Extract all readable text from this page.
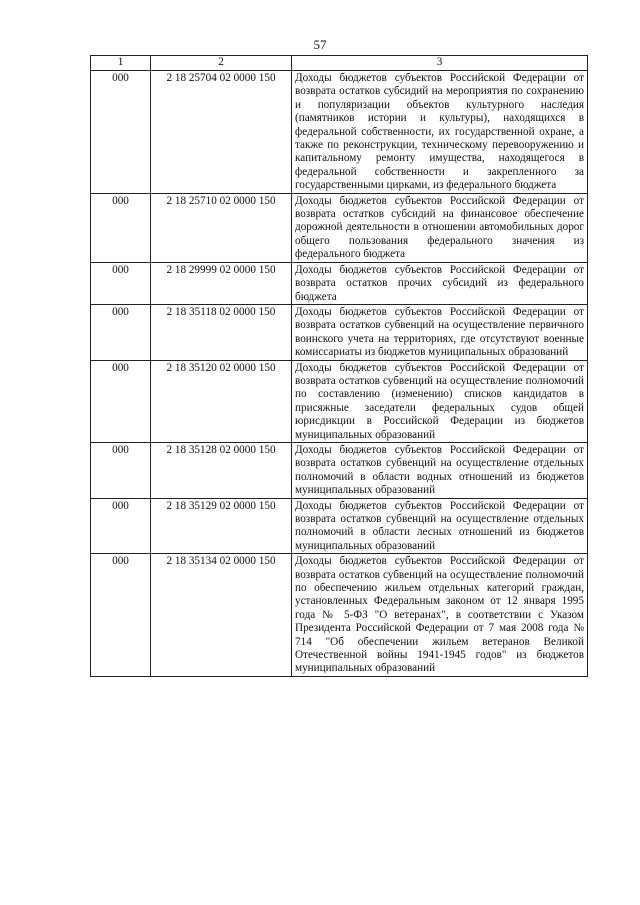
57
1	2	3
000	2 18 25704 02 0000 150	Доходы бюджетов субъектов Российской Федерации от возврата остатков субсидий на мероприятия по сохранению и популяризации объектов культурного наследия (памятников истории и культуры), находящихся в федеральной собственности, их государственной охране, а также по реконструкции, техническому перевооружению и капитальному ремонту имущества, находящегося в федеральной собственности и закрепленного за государственными цирками, из федерального бюджета
000	2 18 25710 02 0000 150	Доходы бюджетов субъектов Российской Федерации от возврата остатков субсидий на финансовое обеспечение дорожной деятельности в отношении автомобильных дорог общего пользования федерального значения из федерального бюджета
000	2 18 29999 02 0000 150	Доходы бюджетов субъектов Российской Федерации от возврата остатков прочих субсидий из федерального бюджета
000	2 18 35118 02 0000 150	Доходы бюджетов субъектов Российской Федерации от возврата остатков субвенций на осуществление первичного воинского учета на территориях, где отсутствуют военные комиссариаты из бюджетов муниципальных образований
000	2 18 35120 02 0000 150	Доходы бюджетов субъектов Российской Федерации от возврата остатков субвенций на осуществление полномочий по составлению (изменению) списков кандидатов в присяжные заседатели федеральных судов общей юрисдикции в Российской Федерации из бюджетов муниципальных образований
000	2 18 35128 02 0000 150	Доходы бюджетов субъектов Российской Федерации от возврата остатков субвенций на осуществление отдельных полномочий в области водных отношений из бюджетов муниципальных образований
000	2 18 35129 02 0000 150	Доходы бюджетов субъектов Российской Федерации от возврата остатков субвенций на осуществление отдельных полномочий в области лесных отношений из бюджетов муниципальных образований
000	2 18 35134 02 0000 150	Доходы бюджетов субъектов Российской Федерации от возврата остатков субвенций на осуществление полномочий по обеспечению жильем отдельных категорий граждан, установленных Федеральным законом от 12 января 1995 года № 5-ФЗ "О ветеранах", в соответствии с Указом Президента Российской Федерации от 7 мая 2008 года № 714 "Об обеспечении жильем ветеранов Великой Отечественной войны 1941-1945 годов" из бюджетов муниципальных образований
